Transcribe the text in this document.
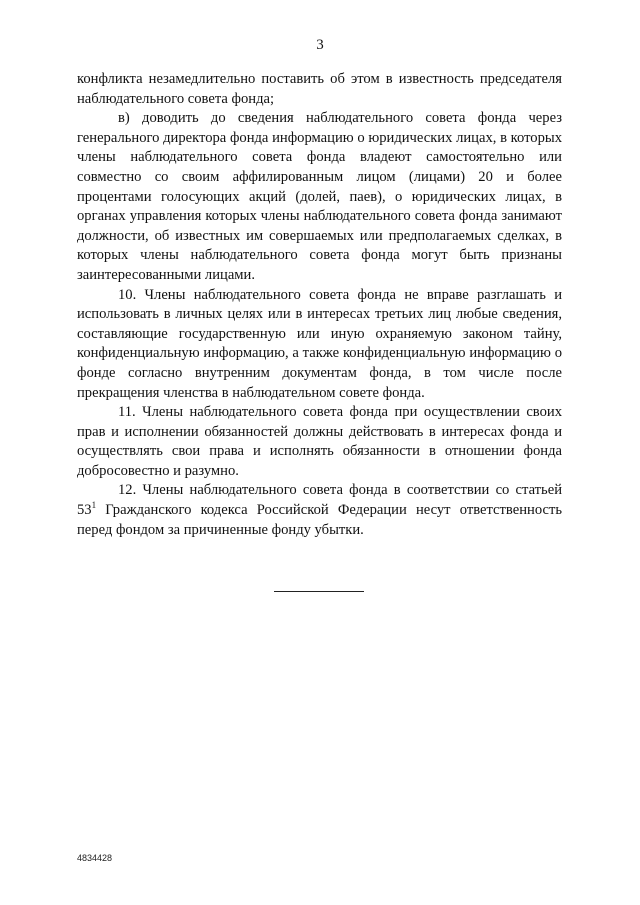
3

конфликта незамедлительно поставить об этом в известность председателя наблюдательного совета фонда;

в) доводить до сведения наблюдательного совета фонда через генерального директора фонда информацию о юридических лицах, в которых члены наблюдательного совета фонда владеют самостоятельно или совместно со своим аффилированным лицом (лицами) 20 и более процентами голосующих акций (долей, паев), о юридических лицах, в органах управления которых члены наблюдательного совета фонда занимают должности, об известных им совершаемых или предполагаемых сделках, в которых члены наблюдательного совета фонда могут быть признаны заинтересованными лицами.

10. Члены наблюдательного совета фонда не вправе разглашать и использовать в личных целях или в интересах третьих лиц любые сведения, составляющие государственную или иную охраняемую законом тайну, конфиденциальную информацию, а также конфиденциальную информацию о фонде согласно внутренним документам фонда, в том числе после прекращения членства в наблюдательном совете фонда.

11. Члены наблюдательного совета фонда при осуществлении своих прав и исполнении обязанностей должны действовать в интересах фонда и осуществлять свои права и исполнять обязанности в отношении фонда добросовестно и разумно.

12. Члены наблюдательного совета фонда в соответствии со статьей $53^1$ Гражданского кодекса Российской Федерации несут ответственность перед фондом за причиненные фонду убытки.

4834428
